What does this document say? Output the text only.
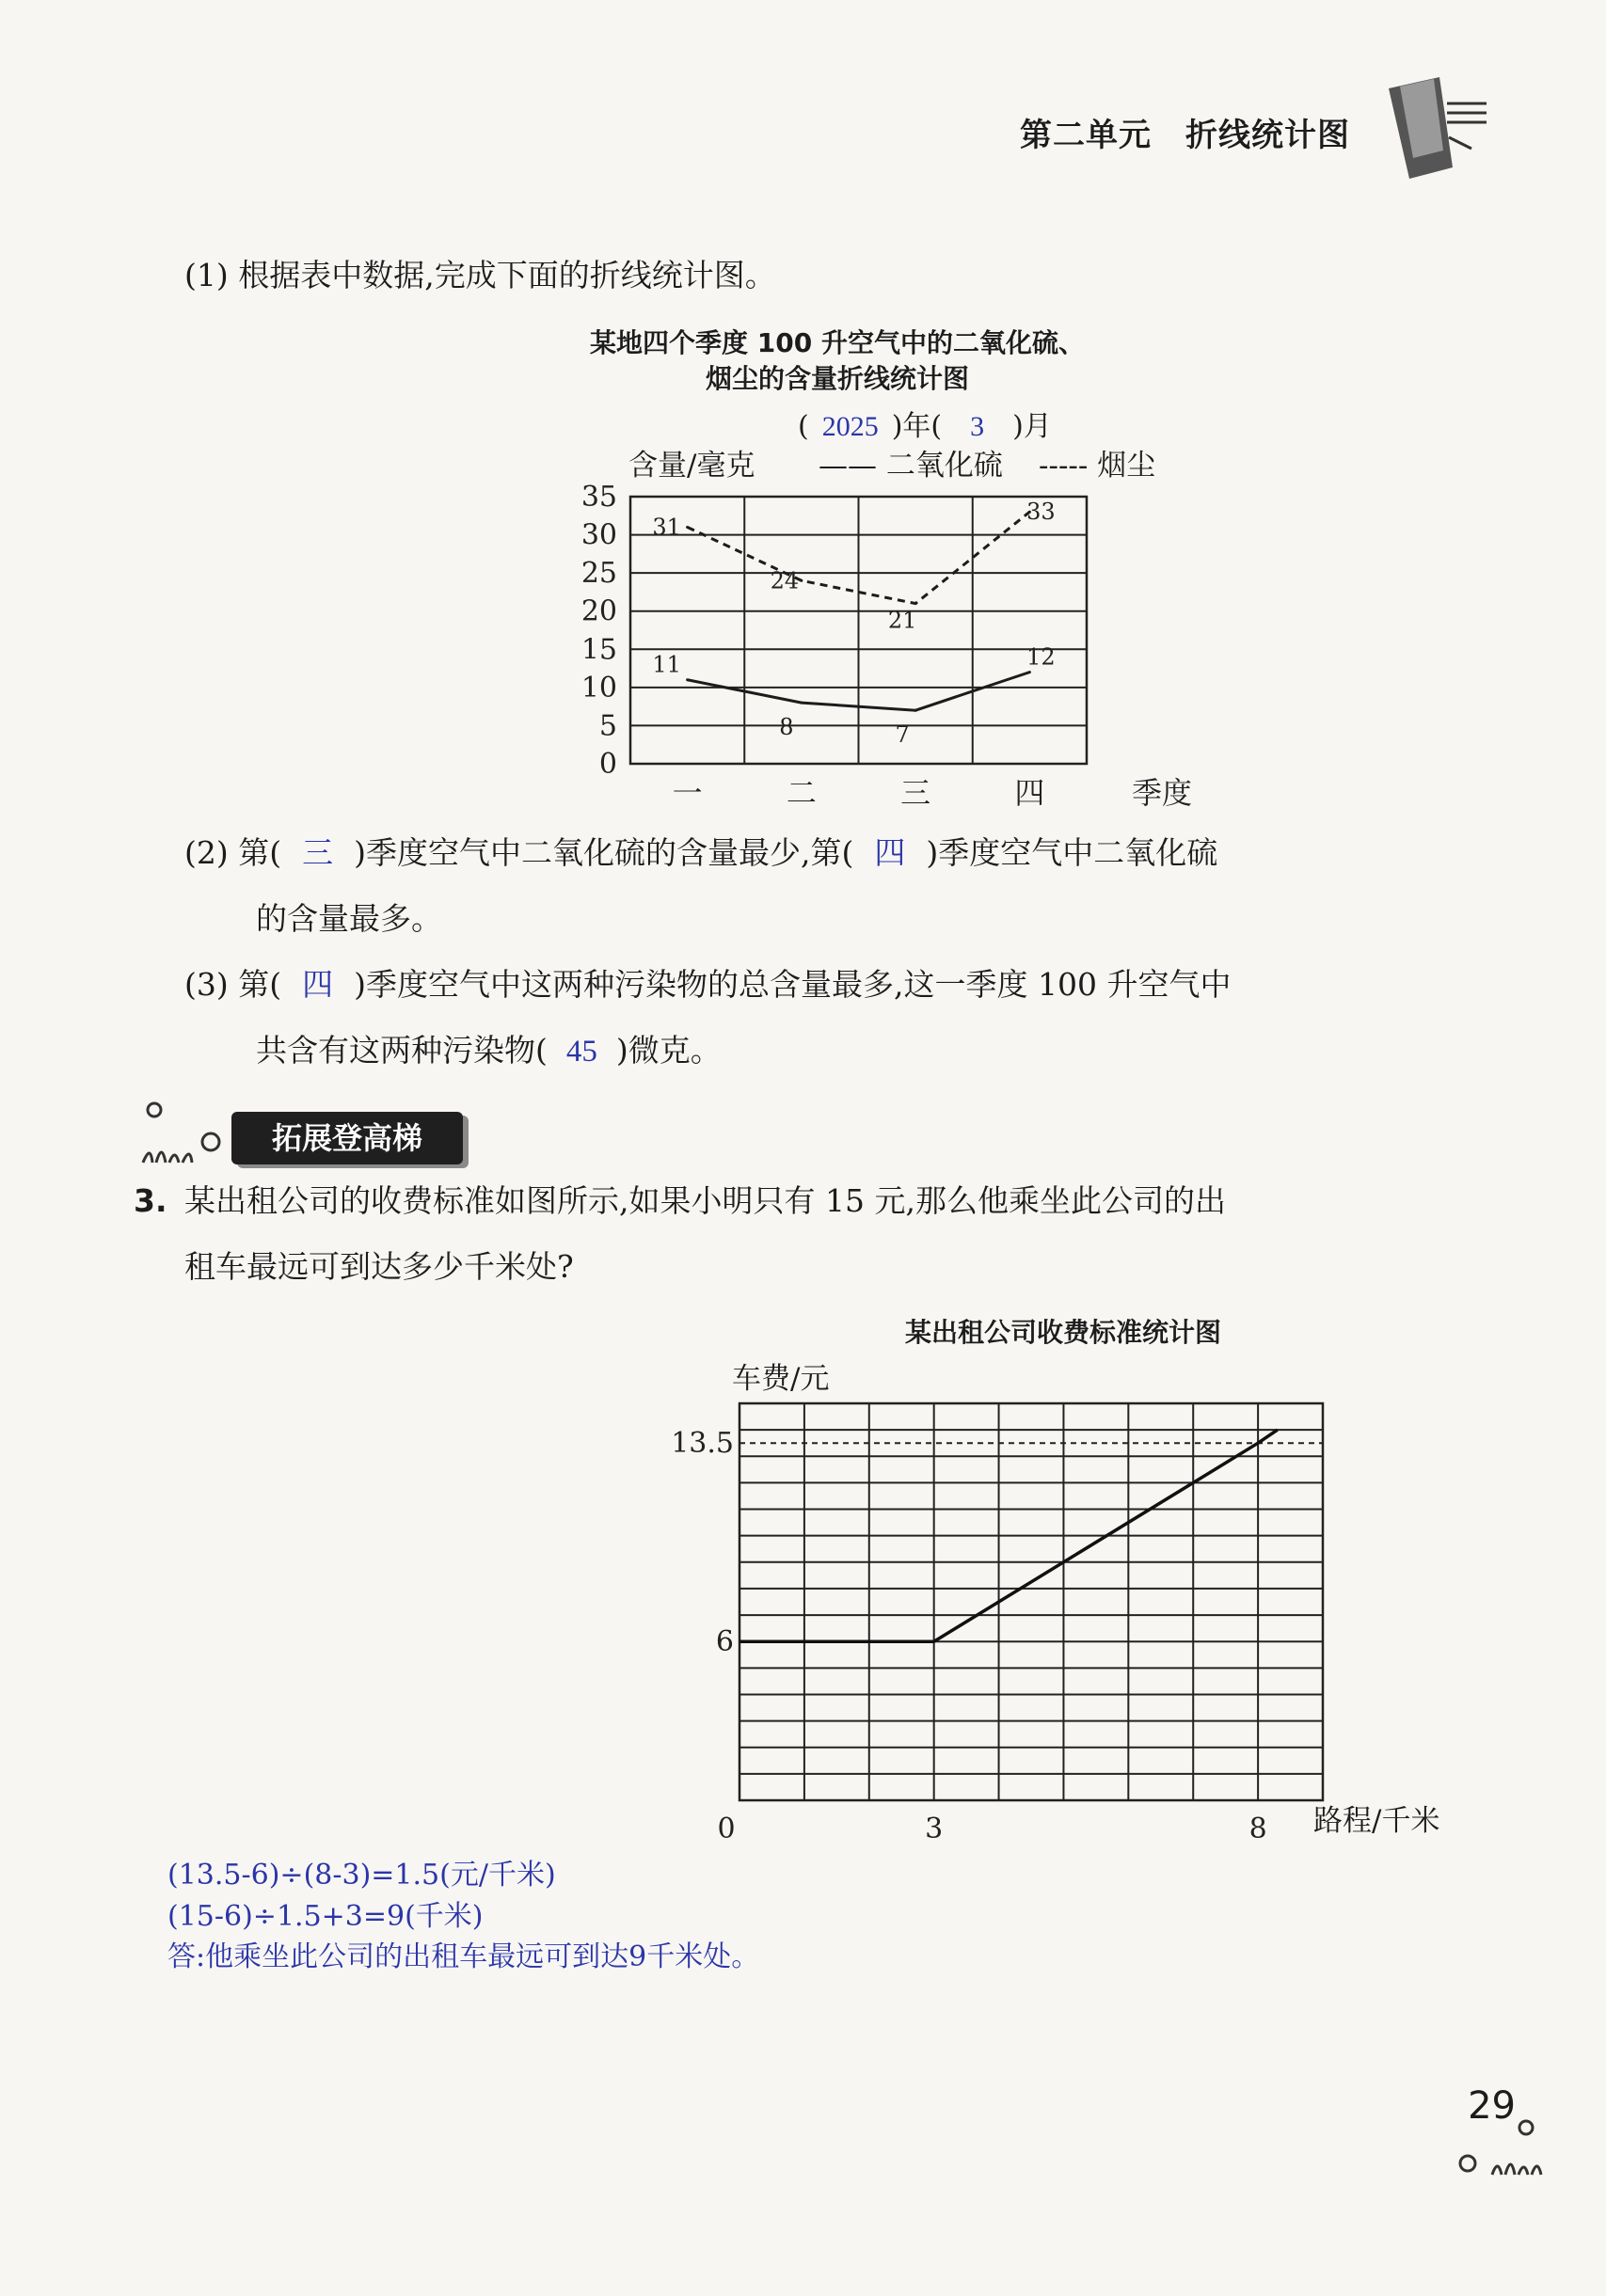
第二单元 折线统计图
(1) 根据表中数据,完成下面的折线统计图。
某地四个季度 100 升空气中的二氧化硫、
烟尘的含量折线统计图
( 2025 )年( 3 )月
含量/毫克 —— 二氧化硫 ----- 烟尘
0
5
10
15
20
25
30
35
一	二	三	四	季度
11
8	7
12
31
24
21
33
(2) 第( 三 )季度空气中二氧化硫的含量最少,第( 四 )季度空气中二氧化硫
的含量最多。
(3) 第( 四 )季度空气中这两种污染物的总含量最多,这一季度 100 升空气中
共含有这两种污染物( 45 )微克。
拓展登高梯
3. 某出租公司的收费标准如图所示,如果小明只有 15 元,那么他乘坐此公司的出
租车最远可到达多少千米处?
某出租公司收费标准统计图
车费/元
路程/千米
6
13.5
0	3	8
(13.5-6)÷(8-3)=1.5(元/千米)
(15-6)÷1.5+3=9(千米)
答:他乘坐此公司的出租车最远可到达9千米处。
29
